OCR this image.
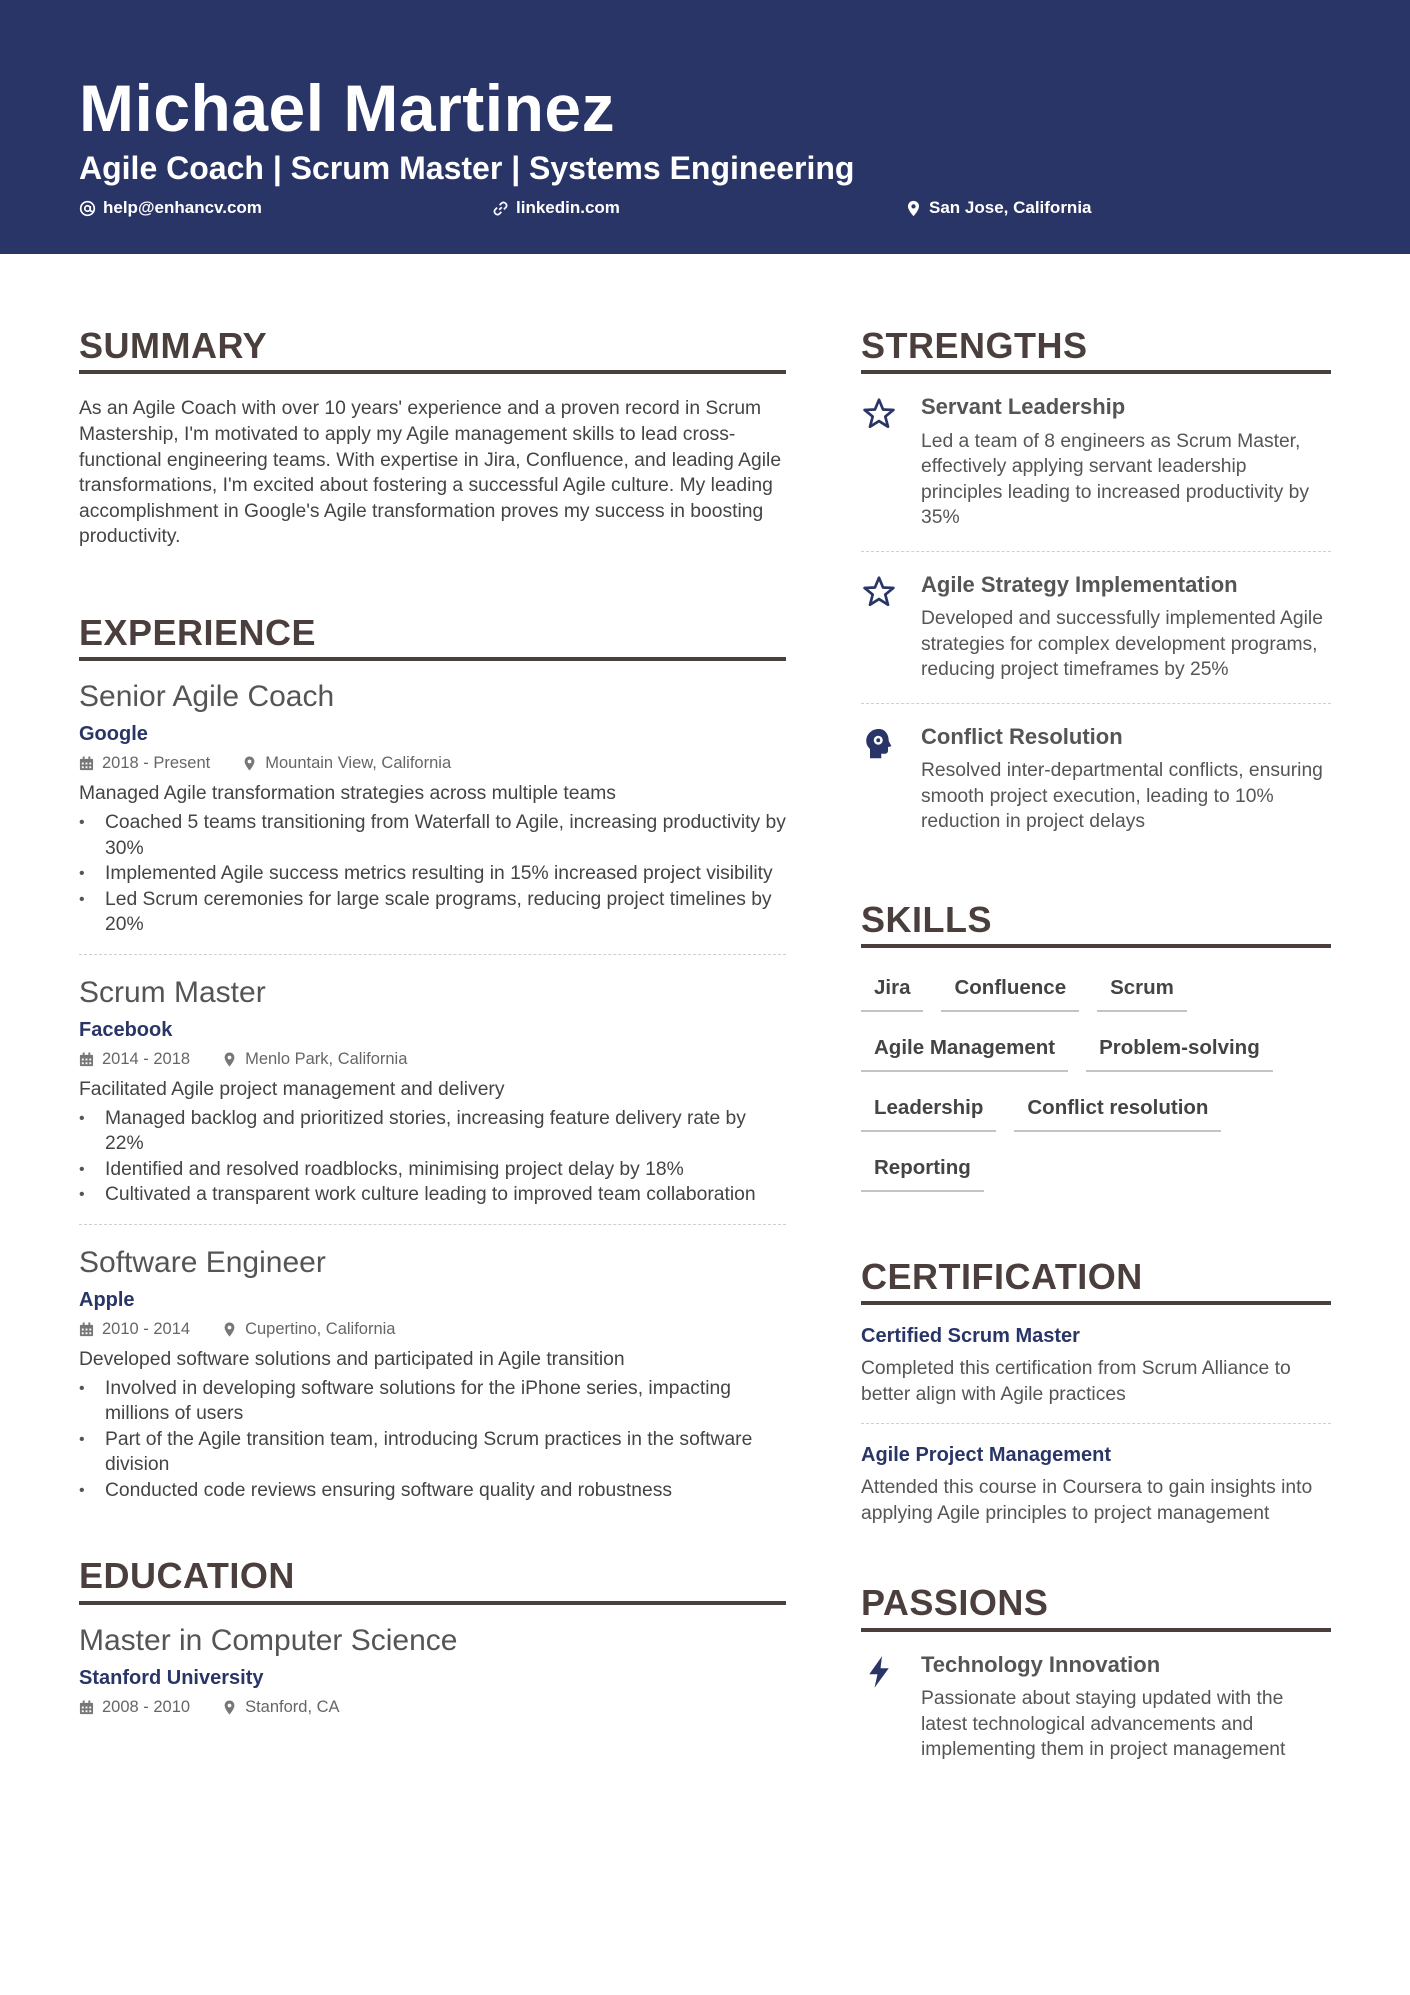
Michael Martinez
Agile Coach | Scrum Master | Systems Engineering
help@enhancv.com	linkedin.com	San Jose, California
SUMMARY

As an Agile Coach with over 10 years' experience and a proven record in Scrum Mastership, I'm motivated to apply my Agile management skills to lead cross-functional engineering teams. With expertise in Jira, Confluence, and leading Agile transformations, I'm excited about fostering a successful Agile culture. My leading accomplishment in Google's Agile transformation proves my success in boosting productivity.

EXPERIENCE
Senior Agile Coach
Google
2018 - Present	Mountain View, California
Managed Agile transformation strategies across multiple teams
• Coached 5 teams transitioning from Waterfall to Agile, increasing productivity by 30%
• Implemented Agile success metrics resulting in 15% increased project visibility
• Led Scrum ceremonies for large scale programs, reducing project timelines by 20%
Scrum Master
Facebook
2014 - 2018	Menlo Park, California
Facilitated Agile project management and delivery
• Managed backlog and prioritized stories, increasing feature delivery rate by 22%
• Identified and resolved roadblocks, minimising project delay by 18%
• Cultivated a transparent work culture leading to improved team collaboration
Software Engineer
Apple
2010 - 2014	Cupertino, California
Developed software solutions and participated in Agile transition
• Involved in developing software solutions for the iPhone series, impacting millions of users
• Part of the Agile transition team, introducing Scrum practices in the software division
• Conducted code reviews ensuring software quality and robustness
EDUCATION
Master in Computer Science
Stanford University
2008 - 2010	Stanford, CA
STRENGTHS
Servant Leadership
Led a team of 8 engineers as Scrum Master, effectively applying servant leadership principles leading to increased productivity by 35%
Agile Strategy Implementation
Developed and successfully implemented Agile strategies for complex development programs, reducing project timeframes by 25%
Conflict Resolution
Resolved inter-departmental conflicts, ensuring smooth project execution, leading to 10% reduction in project delays
SKILLS
Jira	Confluence	Scrum
Agile Management	Problem-solving
Leadership	Conflict resolution
Reporting
CERTIFICATION
Certified Scrum Master
Completed this certification from Scrum Alliance to better align with Agile practices
Agile Project Management
Attended this course in Coursera to gain insights into applying Agile principles to project management
PASSIONS
Technology Innovation
Passionate about staying updated with the latest technological advancements and implementing them in project management
